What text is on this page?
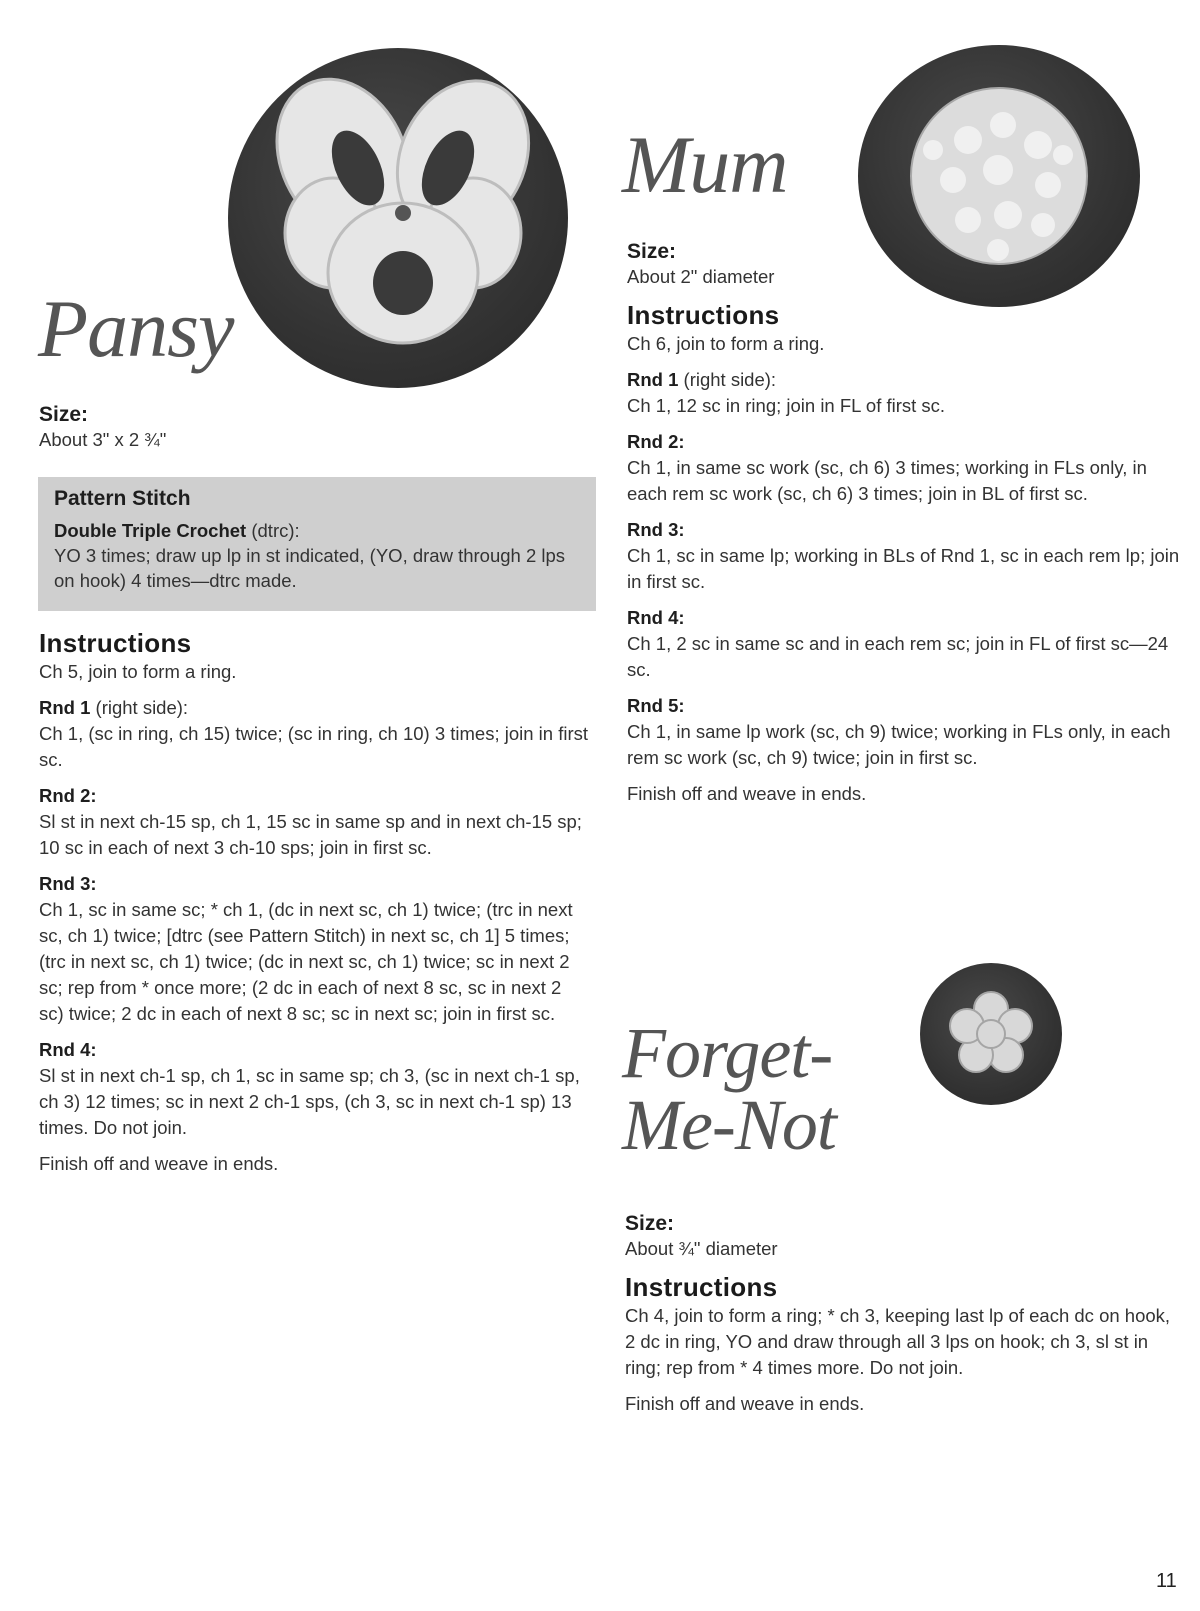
Pansy

Size:

About 3" x 2 ¾"

Pattern Stitch

Double Triple Crochet (dtrc):

YO 3 times; draw up lp in st indicated, (YO, draw through 2 lps on hook) 4 times—dtrc made.

Instructions

Ch 5, join to form a ring.

Rnd 1 (right side):

Ch 1, (sc in ring, ch 15) twice; (sc in ring, ch 10) 3 times; join in first sc.

Rnd 2:

Sl st in next ch-15 sp, ch 1, 15 sc in same sp and in next ch-15 sp; 10 sc in each of next 3 ch-10 sps; join in first sc.

Rnd 3:

Ch 1, sc in same sc; * ch 1, (dc in next sc, ch 1) twice; (trc in next sc, ch 1) twice; [dtrc (see Pattern Stitch) in next sc, ch 1] 5 times; (trc in next sc, ch 1) twice; (dc in next sc, ch 1) twice; sc in next 2 sc; rep from * once more; (2 dc in each of next 8 sc, sc in next 2 sc) twice; 2 dc in each of next 8 sc; sc in next sc; join in first sc.

Rnd 4:

Sl st in next ch-1 sp, ch 1, sc in same sp; ch 3, (sc in next ch-1 sp, ch 3) 12 times; sc in next 2 ch-1 sps, (ch 3, sc in next ch-1 sp) 13 times. Do not join.

Finish off and weave in ends.

Mum

Size:

About 2" diameter

Instructions

Ch 6, join to form a ring.

Rnd 1 (right side):

Ch 1, 12 sc in ring; join in FL of first sc.

Rnd 2:

Ch 1, in same sc work (sc, ch 6) 3 times; working in FLs only, in each rem sc work (sc, ch 6) 3 times; join in BL of first sc.

Rnd 3:

Ch 1, sc in same lp; working in BLs of Rnd 1, sc in each rem lp; join in first sc.

Rnd 4:

Ch 1, 2 sc in same sc and in each rem sc; join in FL of first sc—24 sc.

Rnd 5:

Ch 1, in same lp work (sc, ch 9) twice; working in FLs only, in each rem sc work (sc, ch 9) twice; join in first sc.

Finish off and weave in ends.

Forget-
Me-Not

Size:

About ¾" diameter

Instructions

Ch 4, join to form a ring; * ch 3, keeping last lp of each dc on hook, 2 dc in ring, YO and draw through all 3 lps on hook; ch 3, sl st in ring; rep from * 4 times more. Do not join.

Finish off and weave in ends.

11
